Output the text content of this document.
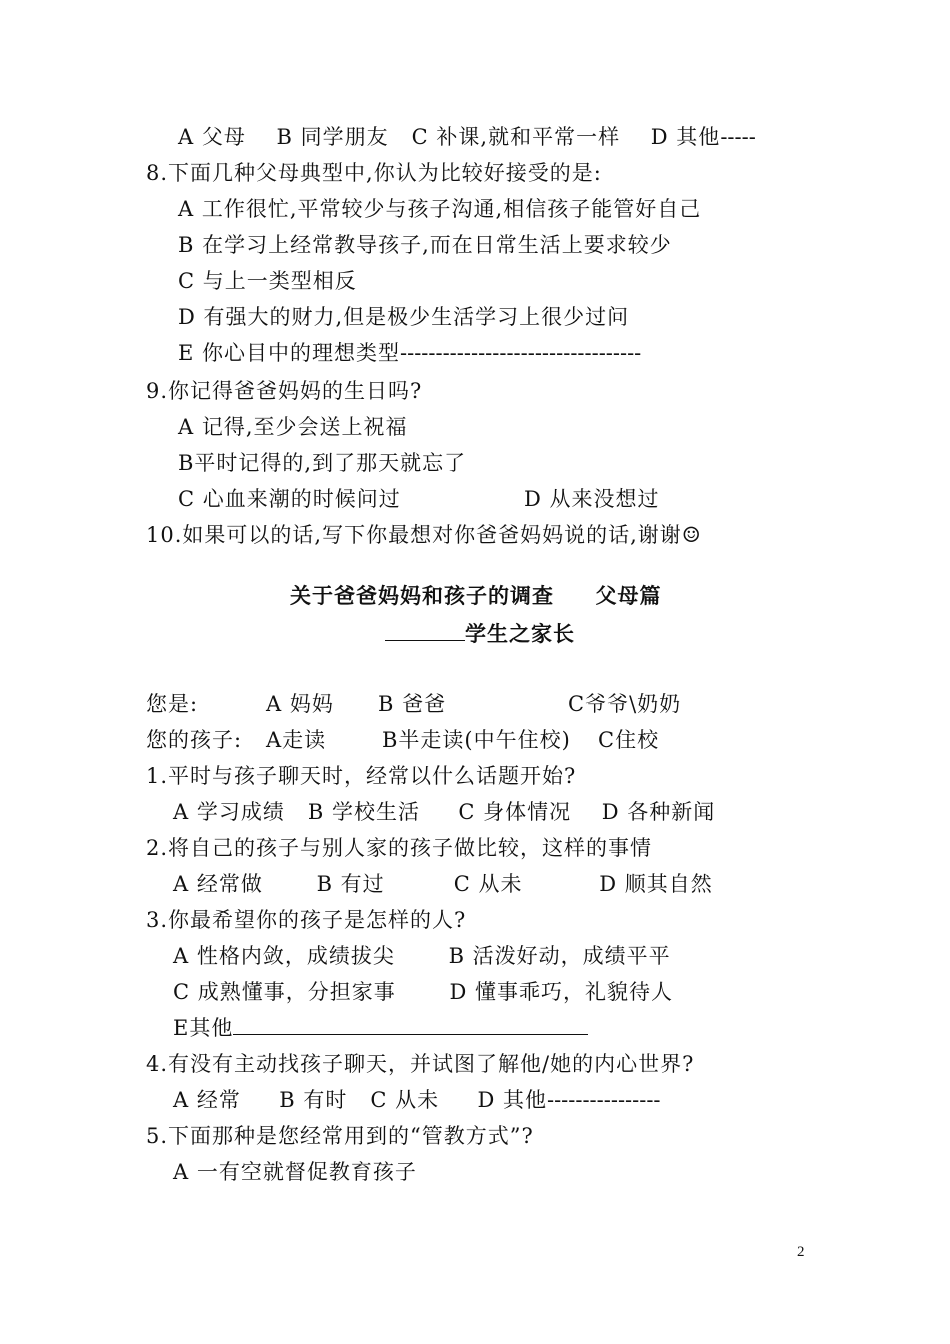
A 父母    B 同学朋友   C 补课,就和平常一样    D 其他-----
8.下面几种父母典型中,你认为比较好接受的是:
A 工作很忙,平常较少与孩子沟通,相信孩子能管好自己
B 在学习上经常教导孩子,而在日常生活上要求较少
C 与上一类型相反
D 有强大的财力,但是极少生活学习上很少过问
E 你心目中的理想类型----------------------------------
9.你记得爸爸妈妈的生日吗?
A 记得,至少会送上祝福
B平时记得的,到了那天就忘了
C 心血来潮的时候问过	D 从来没想过
10.如果可以的话,写下你最想对你爸爸妈妈说的话,谢谢☺
关于爸爸妈妈和孩子的调查     父母篇
学生之家长
您是:	A 妈妈 B 爸爸	C爷爷\奶奶
您的孩子: A走读	B半走读(中午住校) C住校
1.平时与孩子聊天时，经常以什么话题开始?
A 学习成绩   B 学校生活     C 身体情况    D 各种新闻
2.将自己的孩子与别人家的孩子做比较，这样的事情
A 经常做       B 有过         C 从未          D 顺其自然
3.你最希望你的孩子是怎样的人?
A 性格内敛，成绩拔尖       B 活泼好动，成绩平平
C 成熟懂事，分担家事       D 懂事乖巧，礼貌待人
E其他
4.有没有主动找孩子聊天，并试图了解他/她的内心世界?
A 经常     B 有时   C 从未     D 其他----------------
5.下面那种是您经常用到的“管教方式”?
A 一有空就督促教育孩子
2
